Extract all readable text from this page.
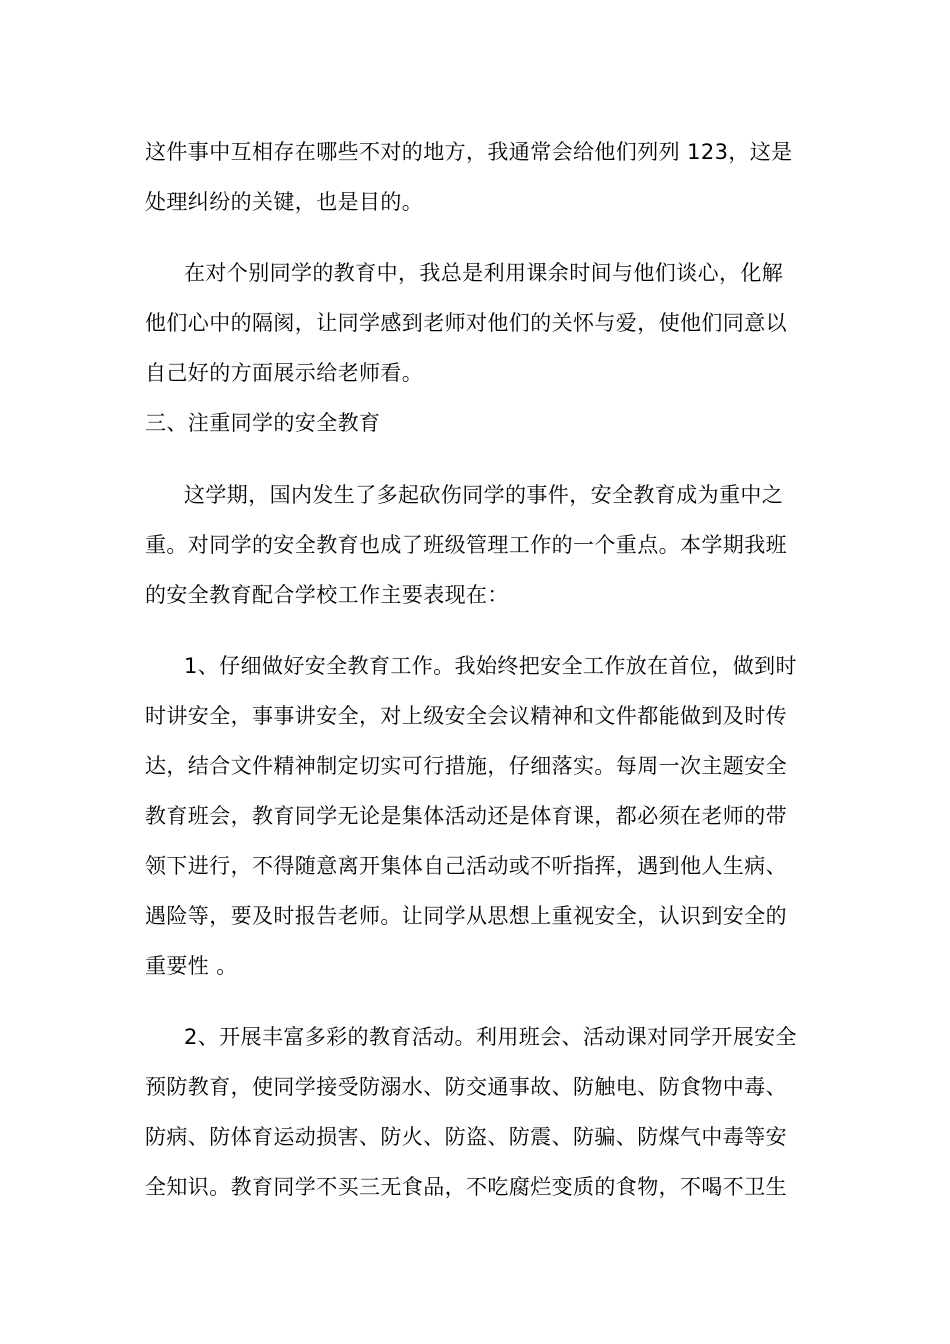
这件事中互相存在哪些不对的地方，我通常会给他们列列 123，这是
处理纠纷的关键，也是目的。
在对个别同学的教育中，我总是利用课余时间与他们谈心，化解
他们心中的隔阂，让同学感到老师对他们的关怀与爱，使他们同意以
自己好的方面展示给老师看。
三、注重同学的安全教育
这学期，国内发生了多起砍伤同学的事件，安全教育成为重中之
重。对同学的安全教育也成了班级管理工作的一个重点。本学期我班
的安全教育配合学校工作主要表现在：
1、仔细做好安全教育工作。我始终把安全工作放在首位，做到时
时讲安全，事事讲安全，对上级安全会议精神和文件都能做到及时传
达，结合文件精神制定切实可行措施，仔细落实。每周一次主题安全
教育班会，教育同学无论是集体活动还是体育课，都必须在老师的带
领下进行，不得随意离开集体自己活动或不听指挥，遇到他人生病、
遇险等，要及时报告老师。让同学从思想上重视安全，认识到安全的
重要性 。
2、开展丰富多彩的教育活动。利用班会、活动课对同学开展安全
预防教育，使同学接受防溺水、防交通事故、防触电、防食物中毒、
防病、防体育运动损害、防火、防盗、防震、防骗、防煤气中毒等安
全知识。教育同学不买三无食品，不吃腐烂变质的食物，不喝不卫生
